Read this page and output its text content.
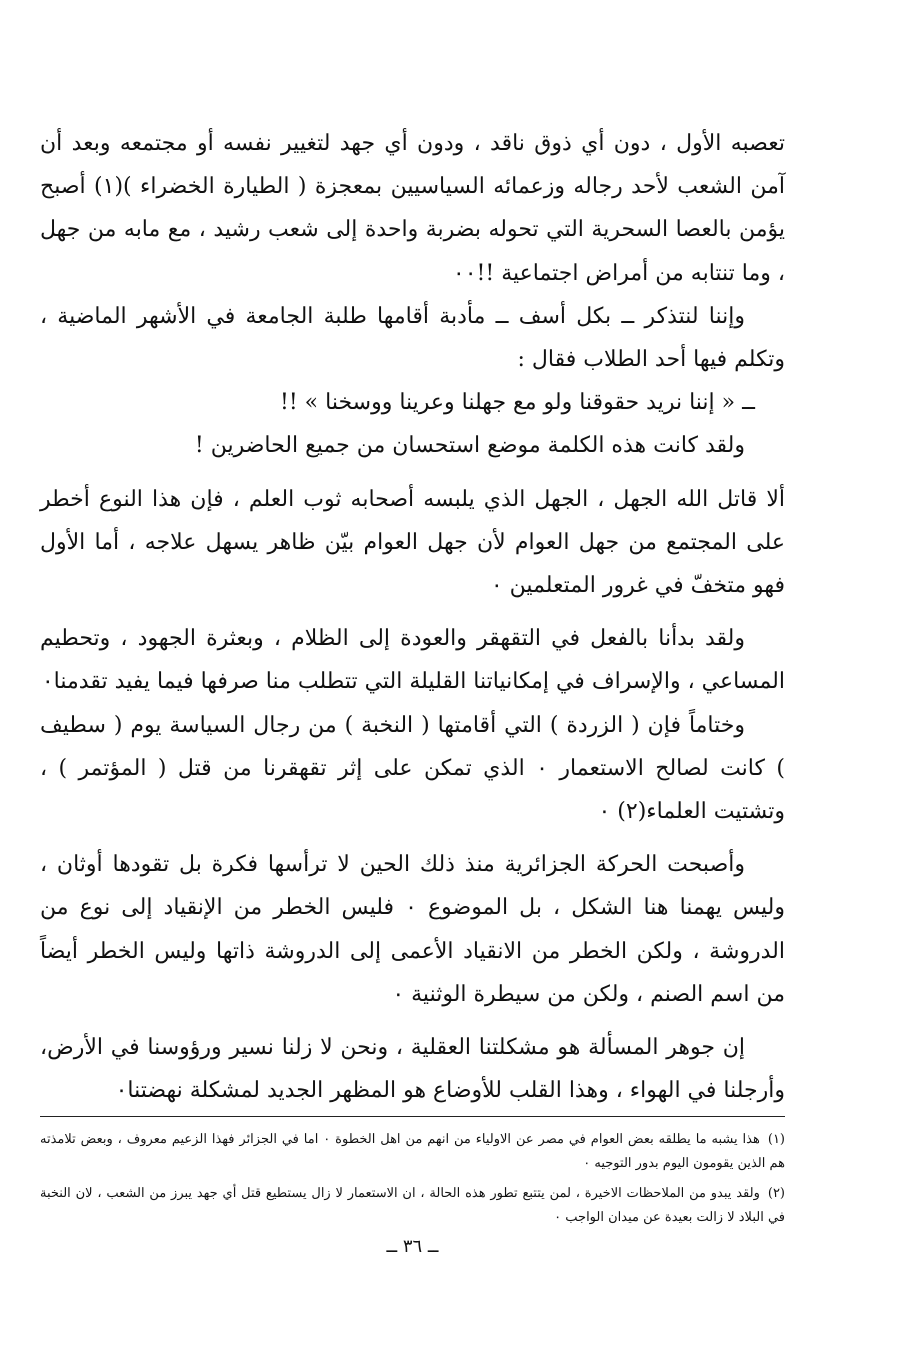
تعصبه الأول ، دون أي ذوق ناقد ، ودون أي جهد لتغيير نفسه أو مجتمعه وبعد أن آمن الشعب لأحد رجاله وزعمائه السياسيين بمعجزة ( الطيارة الخضراء )(١) أصبح يؤمن بالعصا السحرية التي تحوله بضربة واحدة إلى شعب رشيد ، مع مابه من جهل ، وما تنتابه من أمراض اجتماعية !!٠٠

وإننا لنتذكر ــ بكل أسف ــ مأدبة أقامها طلبة الجامعة في الأشهر الماضية ، وتكلم فيها أحد الطلاب فقال :

ــ « إننا نريد حقوقنا ولو مع جهلنا وعرينا ووسخنا » !!

ولقد كانت هذه الكلمة موضع استحسان من جميع الحاضرين !

ألا قاتل الله الجهل ، الجهل الذي يلبسه أصحابه ثوب العلم ، فإن هذا النوع أخطر على المجتمع من جهل العوام لأن جهل العوام بيّن ظاهر يسهل علاجه ، أما الأول فهو متخفّ في غرور المتعلمين ٠

ولقد بدأنا بالفعل في التقهقر والعودة إلى الظلام ، وبعثرة الجهود ، وتحطيم المساعي ، والإسراف في إمكانياتنا القليلة التي تتطلب منا صرفها فيما يفيد تقدمنا٠

وختاماً فإن ( الزردة ) التي أقامتها ( النخبة ) من رجال السياسة يوم ( سطيف ) كانت لصالح الاستعمار ٠ الذي تمكن على إثر تقهقرنا من قتل ( المؤتمر ) ، وتشتيت العلماء(٢) ٠

وأصبحت الحركة الجزائرية منذ ذلك الحين لا ترأسها فكرة بل تقودها أوثان ، وليس يهمنا هنا الشكل ، بل الموضوع ٠ فليس الخطر من الإنقياد إلى نوع من الدروشة ، ولكن الخطر من الانقياد الأعمى إلى الدروشة ذاتها وليس الخطر أيضاً من اسم الصنم ، ولكن من سيطرة الوثنية ٠

إن جوهر المسألة هو مشكلتنا العقلية ، ونحن لا زلنا نسير ورؤوسنا في الأرض، وأرجلنا في الهواء ، وهذا القلب للأوضاع هو المظهر الجديد لمشكلة نهضتنا٠

(١)هذا يشبه ما يطلقه بعض العوام في مصر عن الاولياء من انهم من اهل الخطوة ٠ اما في الجزائر فهذا الزعيم معروف ، وبعض تلامذته هم الذين يقومون اليوم بدور التوجيه ٠

(٢)ولقد يبدو من الملاحظات الاخيرة ، لمن يتتبع تطور هذه الحالة ، ان الاستعمار لا زال يستطيع قتل أي جهد يبرز من الشعب ، لان النخبة في البلاد لا زالت بعيدة عن ميدان الواجب ٠

ــ ٣٦ ــ
